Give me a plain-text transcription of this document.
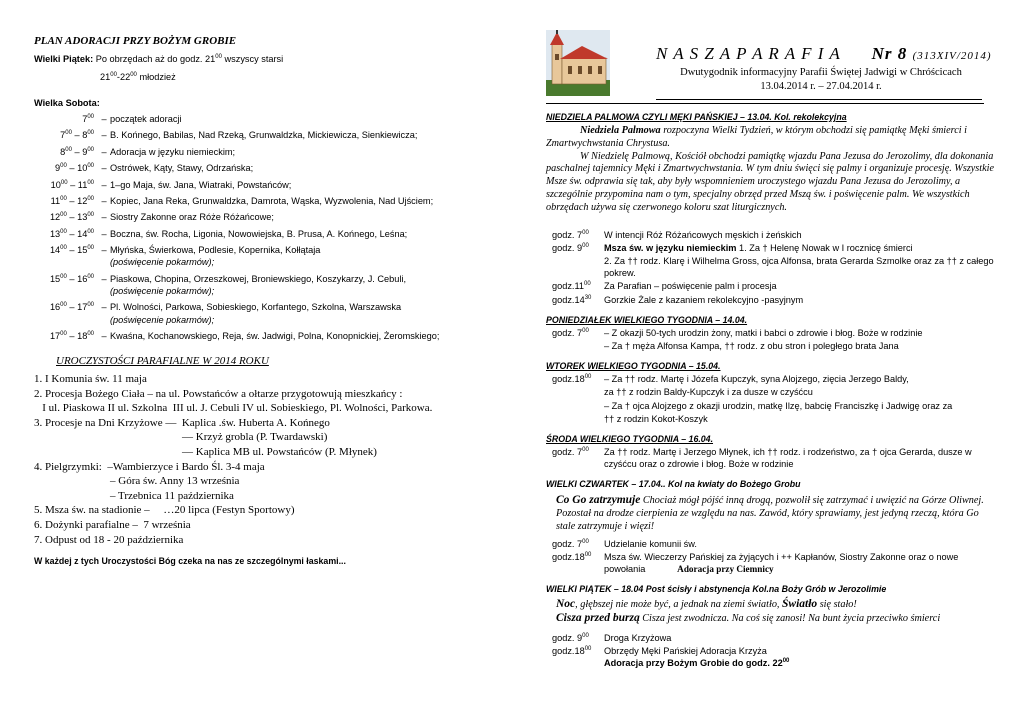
PLAN ADORACJI PRZY BOŻYM GROBIE
Wielki Piątek: Po obrzędach aż do godz. $21^{00}$ wszyscy starsi
$21^{00}-22^{00}$ młodzież
Wielka Sobota:
$7^{00}$ – początek adoracji
$7^{00} - 8^{00}$ – B. Końnego, Babilas, Nad Rzeką, Grunwaldzka, Mickiewicza, Sienkiewicza;
$8^{00} - 9^{00}$ – Adoracja w języku niemieckim;
$9^{00} - 10^{00}$ – Ostrówek, Kąty, Stawy, Odrzańska;
$10^{00} - 11^{00} - 1-go$ Maja, św. Jana, Wiatraki, Powstańców;
$11^{00} - 12^{00}$ – Kopiec, Jana Reka, Grunwaldzka, Damrota, Wąska, Wyzwolenia, Nad Ujściem;
$12^{00} - 13^{00}$ – Siostry Zakonne oraz Róże Różańcowe;
$13^{00} - 14^{00}$ – Boczna, św. Rocha, Ligonia, Nowowiejska, B. Prusa, A. Końnego, Leśna;
$14^{00} - 15^{00}$ – Młyńska, Świerkowa, Podlesie, Kopernika, Kołłątaja
(poświęcenie pokarmów);
$15^{00} - 16^{00}$ – Piaskowa, Chopina, Orzeszkowej, Broniewskiego, Koszykarzy, J. Cebuli,
(poświęcenie pokarmów);
$16^{00} - 17^{00}$ – Pl. Wolności, Parkowa, Sobieskiego, Korfantego, Szkolna, Warszawska
(poświęcenie pokarmów);
$17^{00} - 18^{00}$ – Kwaśna, Kochanowskiego, Reja, św. Jadwigi, Polna, Konopnickiej, Żeromskiego;
UROCZYSTOŚCI PARAFIALNE W 2014 ROKU
1. I Komunia św. 11 maja
2. Procesja Bożego Ciała – na ul. Powstańców a ołtarze przygotowują mieszkańcy :
I ul. Piaskowa II ul. Szkolna  III ul. J. Cebuli IV ul. Sobieskiego, Pl. Wolności, Parkowa.
3. Procesje na Dni Krzyżowe —  Kaplica .św. Huberta A. Końnego
— Krzyż grobla (P. Twardawski)
— Kaplica MB ul. Powstańców (P. Młynek)
4. Pielgrzymki:  –Wambierzyce i Bardo Śl. 3-4 maja
– Góra św. Anny 13 września
– Trzebnica 11 października
5. Msza św. na stadionie –     …20 lipca (Festyn Sportowy)
6. Dożynki parafialne –  7 września
7. Odpust od 18 - 20 października
W każdej z tych Uroczystości Bóg czeka na nas ze szczególnymi łaskami...
N A S Z A P A R A F I A Nr 8 (313XIV/2014)
Dwutygodnik informacyjny Parafii Świętej Jadwigi w Chróścicach
13.04.2014 r. – 27.04.2014 r.
NIEDZIELA PALMOWA CZYLI MĘKI PAŃSKIEJ – 13.04. Kol. rekolekcyjna
Niedziela Palmowa rozpoczyna Wielki Tydzień, w którym obchodzi się pamiątkę Męki śmierci i Zmartwychwstania Chrystusa.
W Niedzielę Palmową, Kościół obchodzi pamiątkę wjazdu Pana Jezusa do Jerozolimy, dla dokonania paschalnej tajemnicy Męki i Zmartwychwstania. W tym dniu święci się palmy i organizuje procesję. Wszystkie Msze św. odprawia się tak, aby były wspomnieniem uroczystego wjazdu Pana Jezusa do Jerozolimy, a szczególnie przypomina nam o tym, specjalny obrzęd przed Mszą św. i poświęcenie palm. We wszystkich obrzędach używa się czerwonego koloru szat liturgicznych.
godz. $7^{00}$	W intencji Róż Różańcowych męskich i żeńskich
godz. $9^{00}$	Msza św. w języku niemieckim 1. Za † Helenę Nowak w I rocznicę śmierci
2. Za †† rodz. Klarę i Wilhelma Gross, ojca Alfonsa, brata Gerarda Szmolke oraz za †† z całego pokrew.
$godz.11^{00}$	Za Parafian – poświęcenie palm i procesja
$godz.14^{30}$	Gorzkie Żale z kazaniem rekolekcyjno -pasyjnym
PONIEDZIAŁEK WIELKIEGO TYGODNIA – 14.04.
godz. $7^{00}$	– Z okazji 50-tych urodzin żony, matki i babci o zdrowie i błog. Boże w rodzinie
– Za † męża Alfonsa Kampa, †† rodz. z obu stron i poległego brata Jana
WTOREK WIELKIEGO TYGODNIA – 15.04.
$godz.18^{00}$	– Za †† rodz. Martę i Józefa Kupczyk, syna Alojzego, zięcia Jerzego Baldy,
za †† z rodzin Baldy-Kupczyk i za dusze w czyśćcu
– Za † ojca Alojzego z okazji urodzin, matkę Ilzę, babcię Franciszkę i Jadwigę oraz za
†† z rodzin Kokot-Koszyk
ŚRODA WIELKIEGO TYGODNIA – 16.04.
godz. $7^{00}$	Za †† rodz. Martę i Jerzego Młynek, ich †† rodz. i rodzeństwo, za † ojca Gerarda, dusze w czyśćcu oraz o zdrowie i błog. Boże w rodzinie
WIELKI CZWARTEK – 17.04.. Kol na kwiaty do Bożego Grobu
Co Go zatrzymuje Chociaż mógł pójść inną drogą, pozwolił się zatrzymać i uwięzić na Górze Oliwnej. Pozostał na drodze cierpienia ze względu na nas. Zawód, który sprawiamy, jest jedyną rzeczą, która Go stale zatrzymuje i więzi!
godz. $7^{00}$	Udzielanie komunii św.
$godz.18^{00}$	Msza św. Wieczerzy Pańskiej za żyjących i ++ Kapłanów, Siostry Zakonne oraz o nowe powołania	Adoracja przy Ciemnicy
WIELKI PIĄTEK – 18.04 Post ścisły i abstynencja Kol.na Boży Grób w Jerozolimie
Noc, głębszej nie może być, a jednak na ziemi światło, Światło się stało!
Cisza przed burzą Cisza jest zwodnicza. Na coś się zanosi! Na bunt życia przeciwko śmierci
godz. $9^{00}$	Droga Krzyżowa
$godz.18^{00}$	Obrzędy Męki Pańskiej Adoracja Krzyża
Adoracja przy Bożym Grobie do godz. $22^{00}$
